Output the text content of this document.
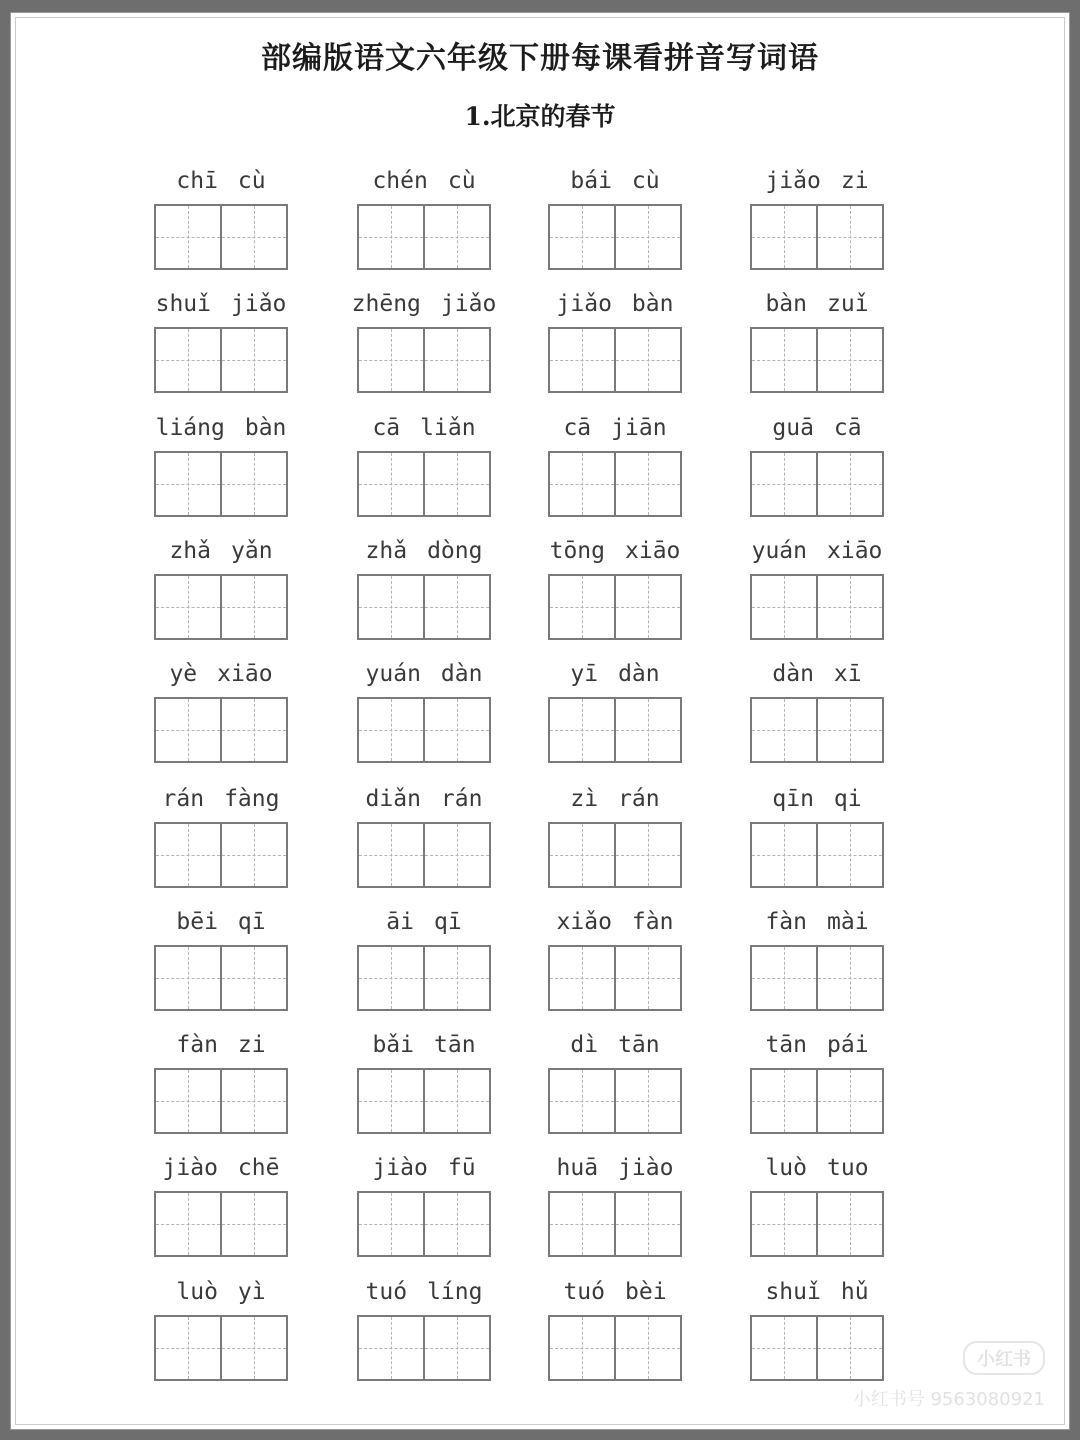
部编版语文六年级下册每课看拼音写词语
1.北京的春节
chī cù	chén cù	bái cù	jiǎo zi
shuǐ jiǎo	zhēng jiǎo	jiǎo bàn	bàn zuǐ
liáng bàn	cā liǎn	cā jiān	guā cā
zhǎ yǎn	zhǎ dòng	tōng xiāo	yuán xiāo
yè xiāo	yuán dàn	yī dàn	dàn xī
rán fàng	diǎn rán	zì rán	qīn qi
bēi qī	āi qī	xiǎo fàn	fàn mài
fàn zi	bǎi tān	dì tān	tān pái
jiào chē	jiào fū	huā jiào	luò tuo
luò yì	tuó líng	tuó bèi	shuǐ hǔ
小红书
小红书号 9563080921
